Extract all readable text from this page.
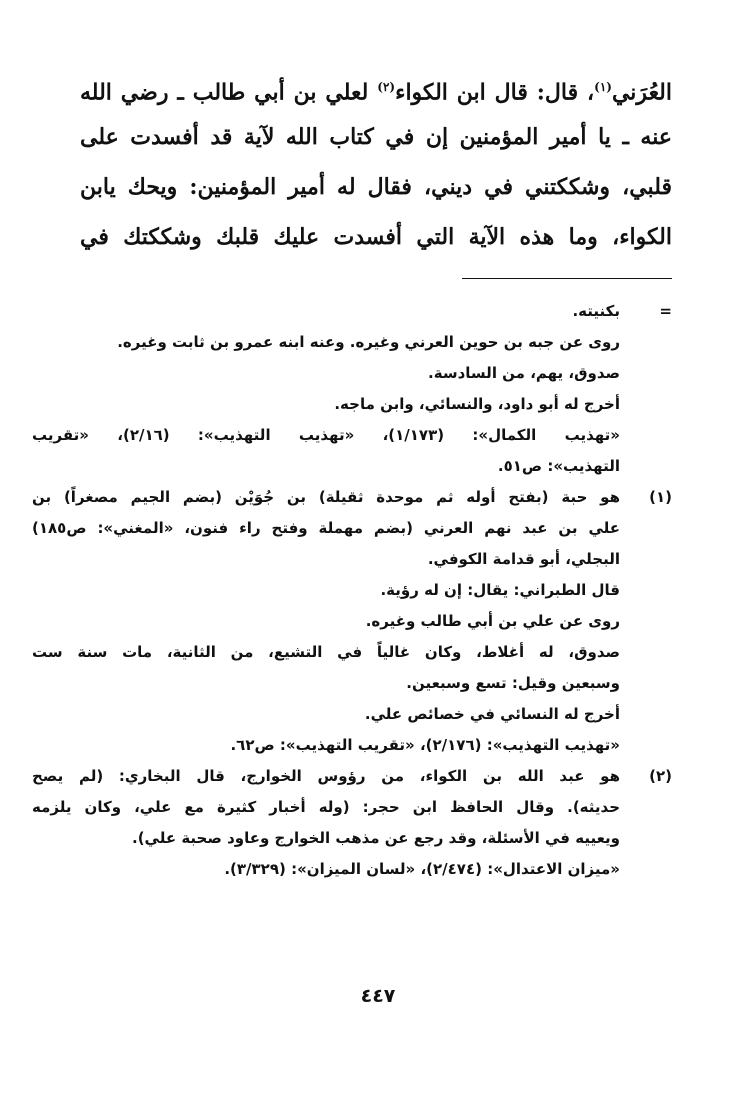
العُرَني$^{(١)}$، قال: قال ابن الكواء$^{(٢)}$ لعلي بن أبي طالب ـ رضي الله
عنه ـ يا أمير المؤمنين إن في كتاب الله لآية قد أفسدت على
قلبي، وشككتني في ديني، فقال له أمير المؤمنين: ويحك يابن
الكواء، وما هذه الآية التي أفسدت عليك قلبك وشككتك في
=
بكنيته.
روى عن جبه بن حوين العرني وغيره. وعنه ابنه عمرو بن ثابت وغيره.
صدوق، يهم، من السادسة.
أخرج له أبو داود، والنسائي، وابن ماجه.
«تهذيب الكمال»: (١/١٧٣)، «تهذيب التهذيب»: (٢/١٦)، «تقريب
التهذيب»: ص٥١.
(١)
هو حبة (بفتح أوله ثم موحدة ثقيلة) بن جُوَيْن (بضم الجيم مصغراً) بن
علي بن عبد نهم العرني (بضم مهملة وفتح راء فنون، «المغني»: ص١٨٥)
البجلي، أبو قدامة الكوفي.
قال الطبراني: يقال: إن له رؤية.
روى عن علي بن أبي طالب وغيره.
صدوق، له أغلاط، وكان غالياً في التشيع، من الثانية، مات سنة ست
وسبعين وقيل: تسع وسبعين.
أخرج له النسائي في خصائص علي.
«تهذيب التهذيب»: (٢/١٧٦)، «تقريب التهذيب»: ص٦٢.
(٢)
هو عبد الله بن الكواء، من رؤوس الخوارج، قال البخاري: (لم يصح
حديثه). وقال الحافظ ابن حجر: (وله أخبار كثيرة مع علي، وكان يلزمه
ويعييه في الأسئلة، وقد رجع عن مذهب الخوارج وعاود صحبة علي).
«ميزان الاعتدال»: (٢/٤٧٤)، «لسان الميزان»: (٣/٣٢٩).
٤٤٧
